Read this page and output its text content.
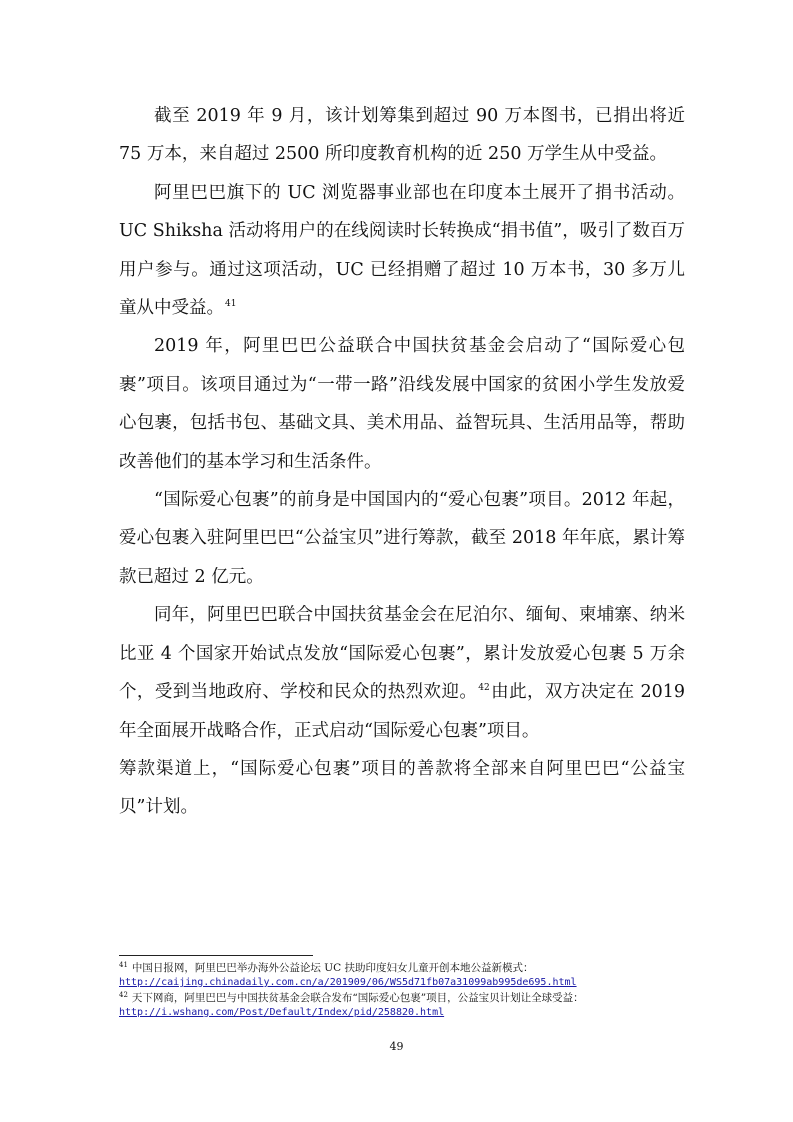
截至 2019 年 9 月，该计划筹集到超过 90 万本图书，已捐出将近 75 万本，来自超过 2500 所印度教育机构的近 250 万学生从中受益。

阿里巴巴旗下的 UC 浏览器事业部也在印度本土展开了捐书活动。UC Shiksha 活动将用户的在线阅读时长转换成“捐书值”，吸引了数百万用户参与。通过这项活动，UC 已经捐赠了超过 10 万本书，30 多万儿童从中受益。$^{41}$

2019 年，阿里巴巴公益联合中国扶贫基金会启动了“国际爱心包裹”项目。该项目通过为“一带一路”沿线发展中国家的贫困小学生发放爱心包裹，包括书包、基础文具、美术用品、益智玩具、生活用品等，帮助改善他们的基本学习和生活条件。

“国际爱心包裹”的前身是中国国内的“爱心包裹”项目。2012 年起，爱心包裹入驻阿里巴巴“公益宝贝”进行筹款，截至 2018 年年底，累计筹款已超过 2 亿元。

同年，阿里巴巴联合中国扶贫基金会在尼泊尔、缅甸、柬埔寨、纳米比亚 4 个国家开始试点发放“国际爱心包裹”，累计发放爱心包裹 5 万余个，受到当地政府、学校和民众的热烈欢迎。$^{42}$由此，双方决定在 2019 年全面展开战略合作，正式启动“国际爱心包裹”项目。

筹款渠道上，“国际爱心包裹”项目的善款将全部来自阿里巴巴“公益宝贝”计划。

$^{41}$ 中国日报网，阿里巴巴举办海外公益论坛 UC 扶助印度妇女儿童开创本地公益新模式：
http://caijing.chinadaily.com.cn/a/201909/06/WS5d71fb07a31099ab995de695.html
$^{42}$ 天下网商，阿里巴巴与中国扶贫基金会联合发布“国际爱心包裹”项目，公益宝贝计划让全球受益：
http://i.wshang.com/Post/Default/Index/pid/258820.html
49
